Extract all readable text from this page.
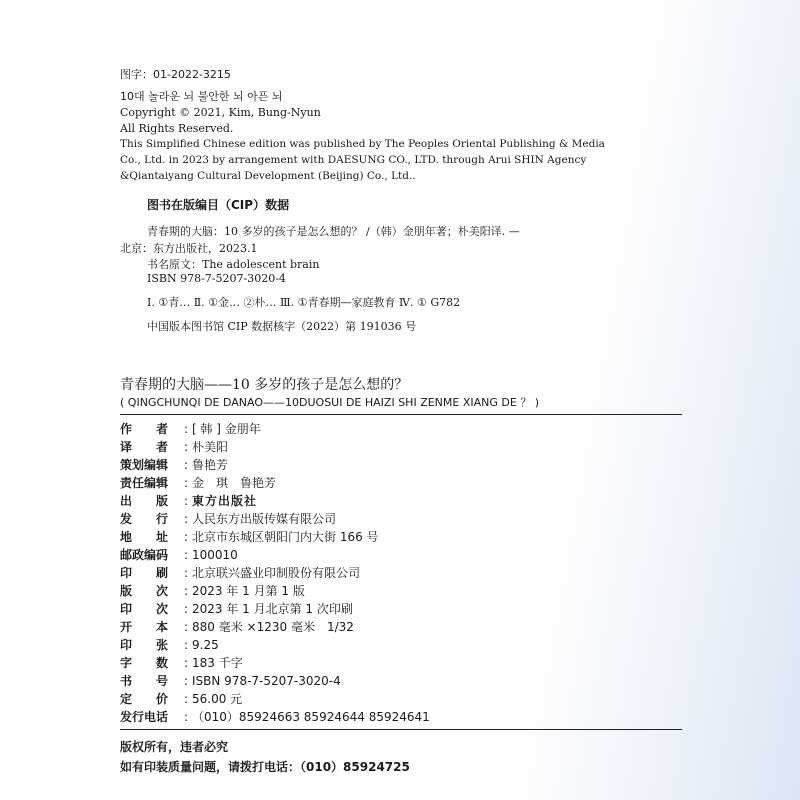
图字：01-2022-3215
10대 놀라운 뇌 불안한 뇌 아픈 뇌
Copyright © 2021, Kim, Bung-Nyun
All Rights Reserved.
This Simplified Chinese edition was published by The Peoples Oriental Publishing & Media
Co., Ltd. in 2023 by arrangement with DAESUNG CO., LTD. through Arui SHIN Agency
&Qiantaiyang Cultural Development (Beijing) Co., Ltd..
图书在版编目（CIP）数据
青春期的大脑：10 多岁的孩子是怎么想的？ /（韩）金朋年著；朴美阳译. —
北京：东方出版社，2023.1
书名原文：The adolescent brain
ISBN 978-7-5207-3020-4
Ⅰ. ①青… Ⅱ. ①金… ②朴… Ⅲ. ①青春期—家庭教育 Ⅳ. ① G782
中国版本图书馆 CIP 数据核字（2022）第 191036 号
青春期的大脑——10 多岁的孩子是怎么想的？
( QINGCHUNQI DE DANAO——10DUOSUI DE HAIZI SHI ZENME XIANG DE ？ )
作　　者 : [ 韩 ] 金朋年
译　　者 : 朴美阳
策划编辑 : 鲁艳芳
责任编辑 : 金　琪　鲁艳芳
出　　版 : 東方出版社
发　　行 : 人民东方出版传媒有限公司
地　　址 : 北京市东城区朝阳门内大街 166 号
邮政编码 : 100010
印　　刷 : 北京联兴盛业印制股份有限公司
版　　次 : 2023 年 1 月第 1 版
印　　次 : 2023 年 1 月北京第 1 次印刷
开　　本 : 880 毫米 ×1230 毫米　1/32
印　　张 : 9.25
字　　数 : 183 千字
书　　号 : ISBN 978-7-5207-3020-4
定　　价 : 56.00 元
发行电话 : （010）85924663 85924644 85924641
版权所有，违者必究
如有印装质量问题，请拨打电话：（010）85924725
